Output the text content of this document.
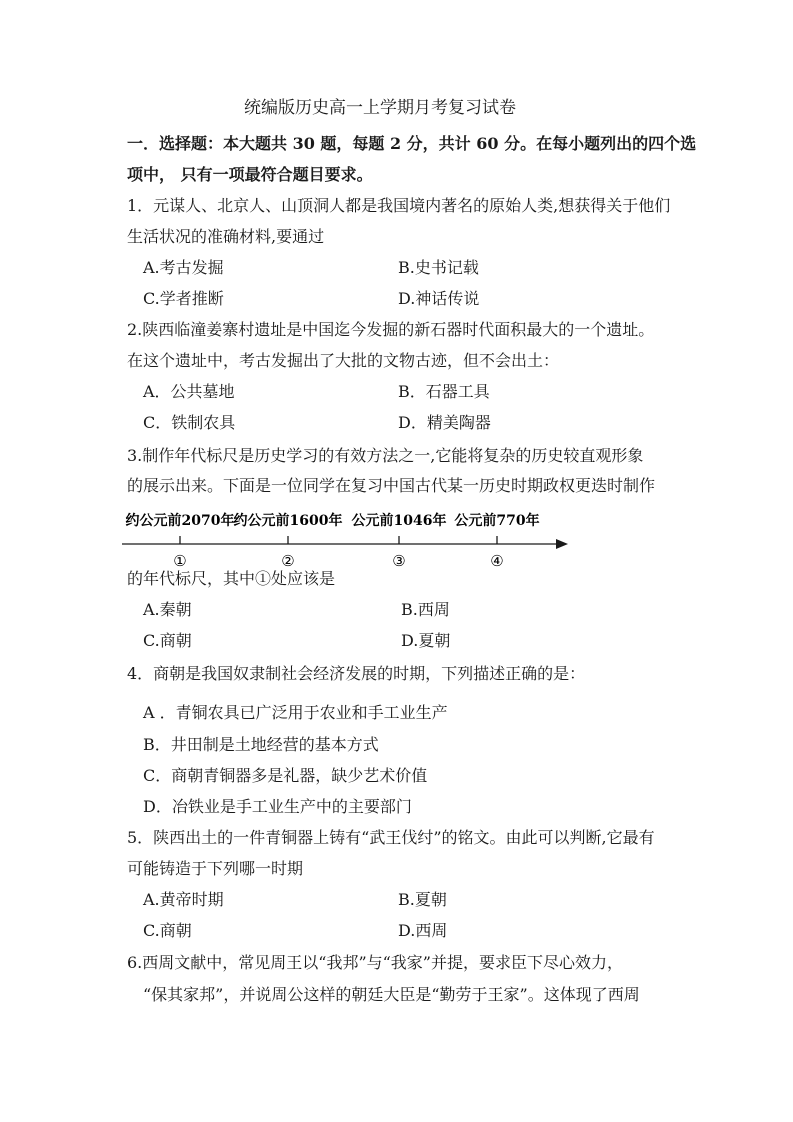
统编版历史高一上学期月考复习试卷
一．选择题：本大题共 30 题，每题 2 分，共计 60 分。在每小题列出的四个选
项中， 只有一项最符合题目要求。
1．元谋人、北京人、山顶洞人都是我国境内著名的原始人类,想获得关于他们
生活状况的准确材料,要通过
A.考古发掘	B.史书记载
C.学者推断	D.神话传说
2.陕西临潼姜寨村遗址是中国迄今发掘的新石器时代面积最大的一个遗址。
在这个遗址中，考古发掘出了大批的文物古迹，但不会出土：
A．公共墓地	B．石器工具
C．铁制农具	D．精美陶器
3.制作年代标尺是历史学习的有效方法之一,它能将复杂的历史较直观形象
的展示出来。下面是一位同学在复习中国古代某一历史时期政权更迭时制作
约公元前2070年 约公元前1600年 公元前1046年 公元前770年
①	②	③	④
的年代标尺，其中①处应该是
A.秦朝	B.西周
C.商朝	D.夏朝
4．商朝是我国奴隶制社会经济发展的时期，下列描述正确的是：
A ．青铜农具已广泛用于农业和手工业生产
B．井田制是土地经营的基本方式
C．商朝青铜器多是礼器，缺少艺术价值
D．冶铁业是手工业生产中的主要部门
5．陕西出土的一件青铜器上铸有“武王伐纣”的铭文。由此可以判断,它最有
可能铸造于下列哪一时期
A.黄帝时期	B.夏朝
C.商朝	D.西周
6.西周文献中，常见周王以“我邦”与“我家”并提，要求臣下尽心效力，
“保其家邦”，并说周公这样的朝廷大臣是“勤劳于王家”。这体现了西周
